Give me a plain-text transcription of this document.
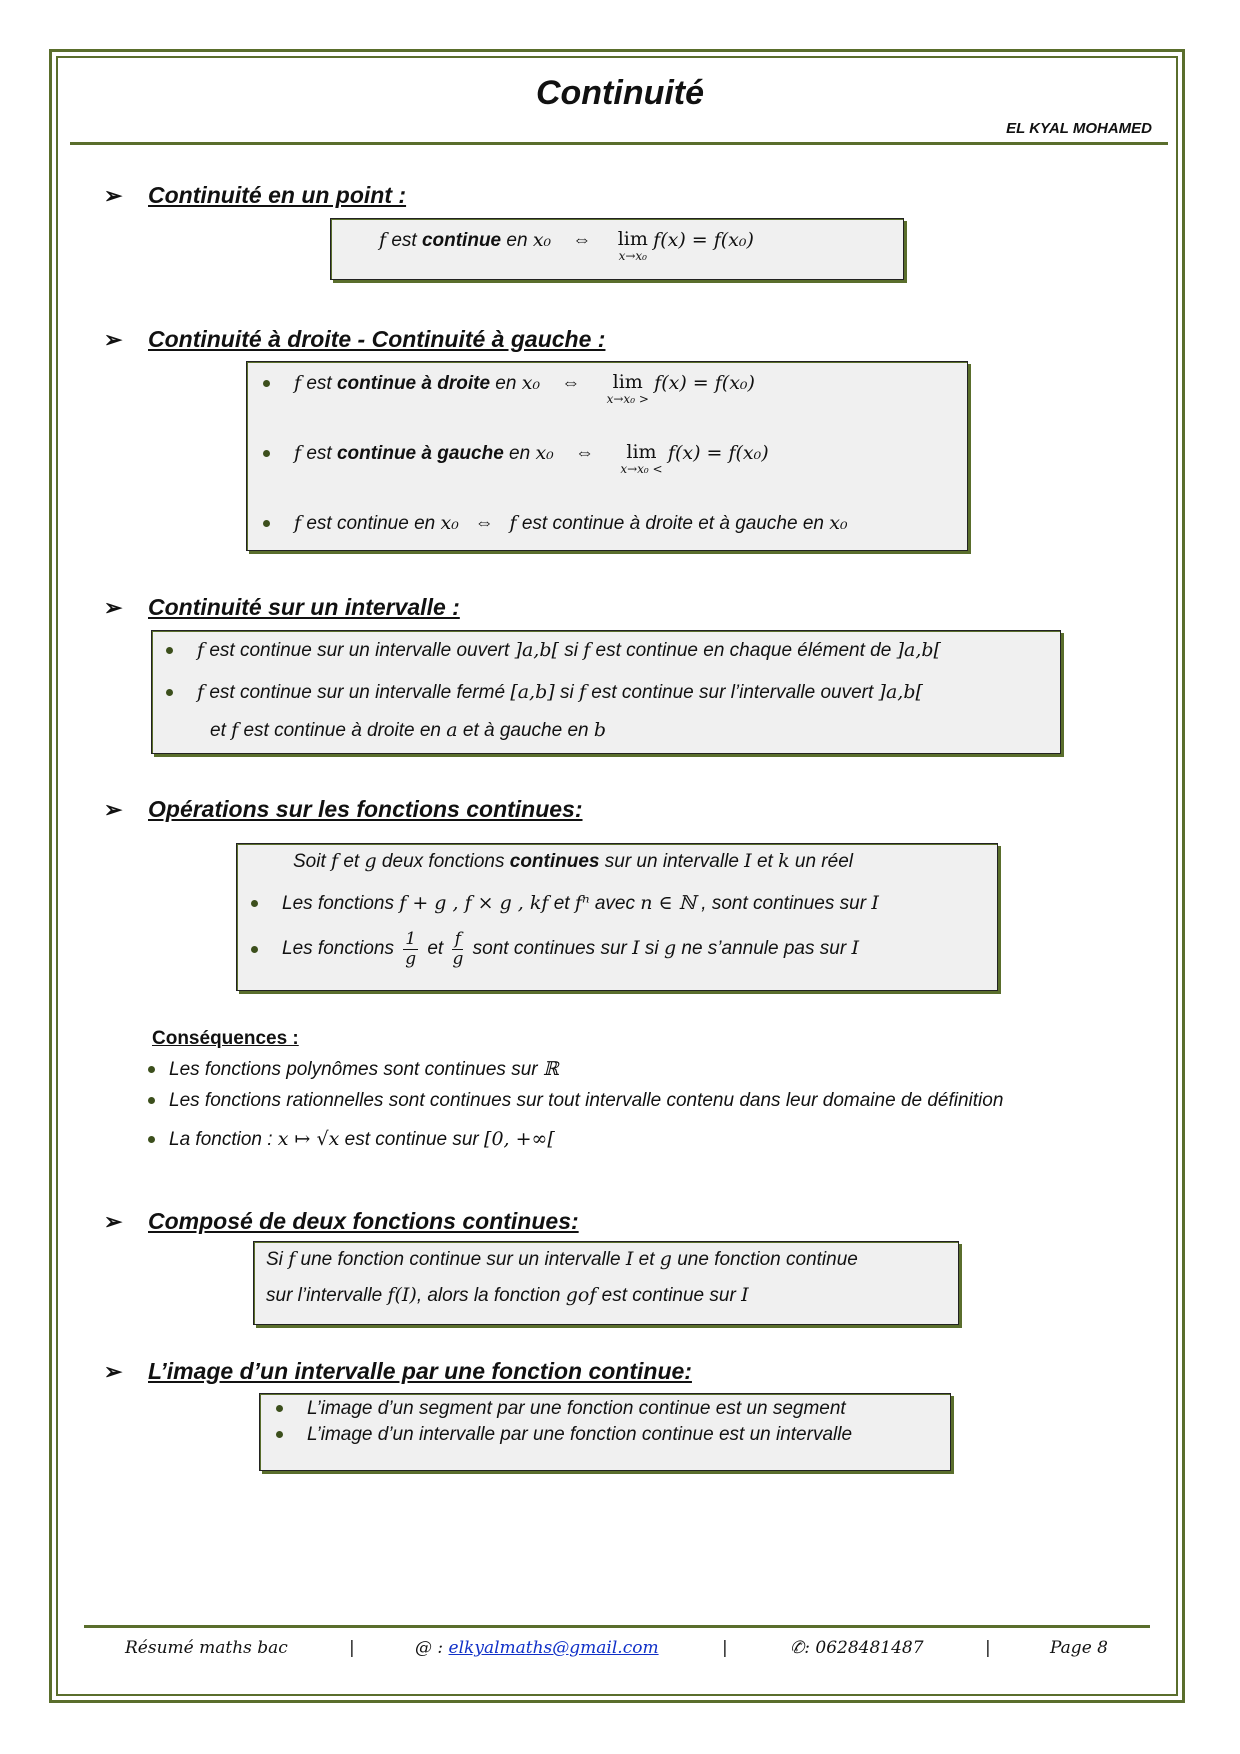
Continuité
EL KYAL MOHAMED
➢ Continuité en un point :
f est continue en x₀ ⇔ lim
x→x₀
f(x) = f(x₀)
➢ Continuité à droite - Continuité à gauche :
f est continue à droite en x₀ ⇔ lim
x→x₀ >
f(x) = f(x₀)
f est continue à gauche en x₀ ⇔ lim
x→x₀ <
f(x) = f(x₀)
f est continue en x₀ ⇔ f est continue à droite et à gauche en x₀
➢ Continuité sur un intervalle :
f est continue sur un intervalle ouvert ]a,b[ si f est continue en chaque élément de ]a,b[
f est continue sur un intervalle fermé [a,b] si f est continue sur l’intervalle ouvert ]a,b[
et f est continue à droite en a et à gauche en b
➢ Opérations sur les fonctions continues:
Soit f et g deux fonctions continues sur un intervalle I et k un réel
Les fonctions f + g , f × g , kf et fⁿ avec n ∈ ℕ , sont continues sur I
Les fonctions $\frac{1}{g}$ et $\frac{f}{g}$ sont continues sur I si g ne s’annule pas sur I
Conséquences :
Les fonctions polynômes sont continues sur ℝ
Les fonctions rationnelles sont continues sur tout intervalle contenu dans leur domaine de définition
La fonction : x ↦ √x est continue sur [0, +∞[
➢ Composé de deux fonctions continues:
Si f une fonction continue sur un intervalle I et g une fonction continue
sur l’intervalle f(I), alors la fonction gof est continue sur I
➢ L’image d’un intervalle par une fonction continue:
L’image d’un segment par une fonction continue est un segment
L’image d’un intervalle par une fonction continue est un intervalle
Résumé maths bac	|	@ : elkyalmaths@gmail.com	|	✆: 0628481487	|	Page 8
